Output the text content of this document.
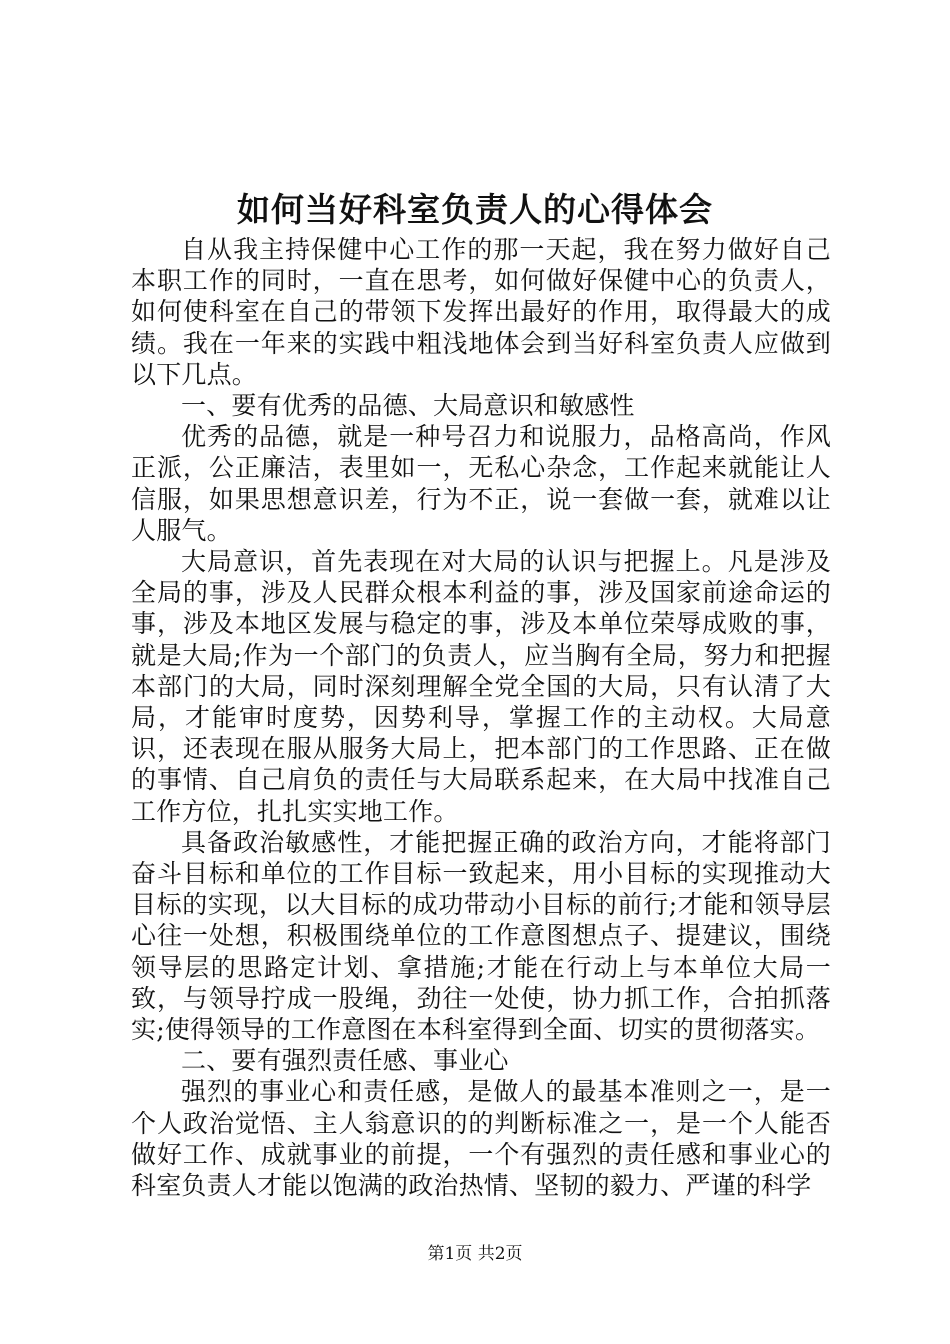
如何当好科室负责人的心得体会

自从我主持保健中心工作的那一天起，我在努力做好自己本职工作的同时，一直在思考，如何做好保健中心的负责人，如何使科室在自己的带领下发挥出最好的作用，取得最大的成绩。我在一年来的实践中粗浅地体会到当好科室负责人应做到以下几点。

一、要有优秀的品德、大局意识和敏感性

优秀的品德，就是一种号召力和说服力，品格高尚，作风正派，公正廉洁，表里如一，无私心杂念，工作起来就能让人信服，如果思想意识差，行为不正，说一套做一套，就难以让人服气。

大局意识，首先表现在对大局的认识与把握上。凡是涉及全局的事，涉及人民群众根本利益的事，涉及国家前途命运的事，涉及本地区发展与稳定的事，涉及本单位荣辱成败的事，就是大局;作为一个部门的负责人，应当胸有全局，努力和把握本部门的大局，同时深刻理解全党全国的大局，只有认清了大局，才能审时度势，因势利导，掌握工作的主动权。大局意识，还表现在服从服务大局上，把本部门的工作思路、正在做的事情、自己肩负的责任与大局联系起来，在大局中找准自己工作方位，扎扎实实地工作。

具备政治敏感性，才能把握正确的政治方向，才能将部门奋斗目标和单位的工作目标一致起来，用小目标的实现推动大目标的实现，以大目标的成功带动小目标的前行;才能和领导层心往一处想，积极围绕单位的工作意图想点子、提建议，围绕领导层的思路定计划、拿措施;才能在行动上与本单位大局一致，与领导拧成一股绳，劲往一处使，协力抓工作，合拍抓落实;使得领导的工作意图在本科室得到全面、切实的贯彻落实。

二、要有强烈责任感、事业心

强烈的事业心和责任感，是做人的最基本准则之一，是一个人政治觉悟、主人翁意识的的判断标准之一，是一个人能否做好工作、成就事业的前提，一个有强烈的责任感和事业心的科室负责人才能以饱满的政治热情、坚韧的毅力、严谨的科学

第1页 共2页
